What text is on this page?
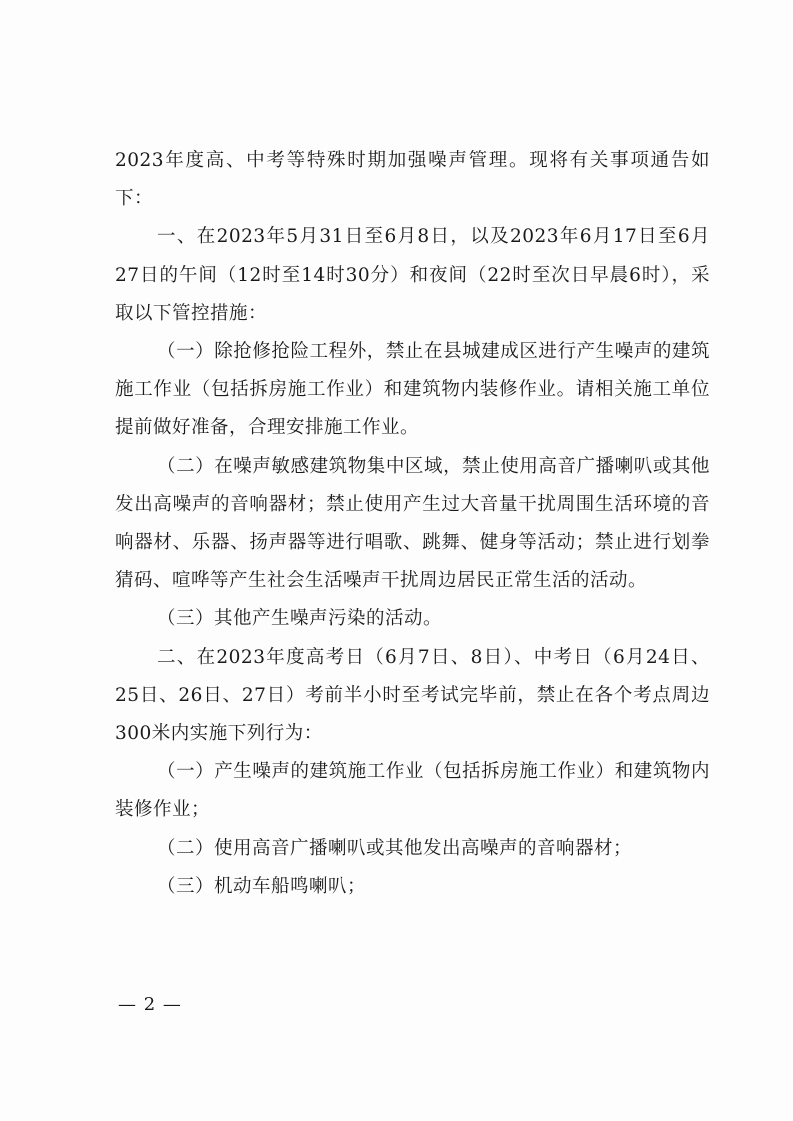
2023年度高、中考等特殊时期加强噪声管理。现将有关事项通告如下：

一、在2023年5月31日至6月8日，以及2023年6月17日至6月27日的午间（12时至14时30分）和夜间（22时至次日早晨6时），采取以下管控措施：

（一）除抢修抢险工程外，禁止在县城建成区进行产生噪声的建筑施工作业（包括拆房施工作业）和建筑物内装修作业。请相关施工单位提前做好准备，合理安排施工作业。

（二）在噪声敏感建筑物集中区域，禁止使用高音广播喇叭或其他发出高噪声的音响器材；禁止使用产生过大音量干扰周围生活环境的音响器材、乐器、扬声器等进行唱歌、跳舞、健身等活动；禁止进行划拳猜码、喧哗等产生社会生活噪声干扰周边居民正常生活的活动。

（三）其他产生噪声污染的活动。

二、在2023年度高考日（6月7日、8日）、中考日（6月24日、25日、26日、27日）考前半小时至考试完毕前，禁止在各个考点周边300米内实施下列行为：

（一）产生噪声的建筑施工作业（包括拆房施工作业）和建筑物内装修作业；

（二）使用高音广播喇叭或其他发出高噪声的音响器材；

（三）机动车船鸣喇叭；

— 2 —
